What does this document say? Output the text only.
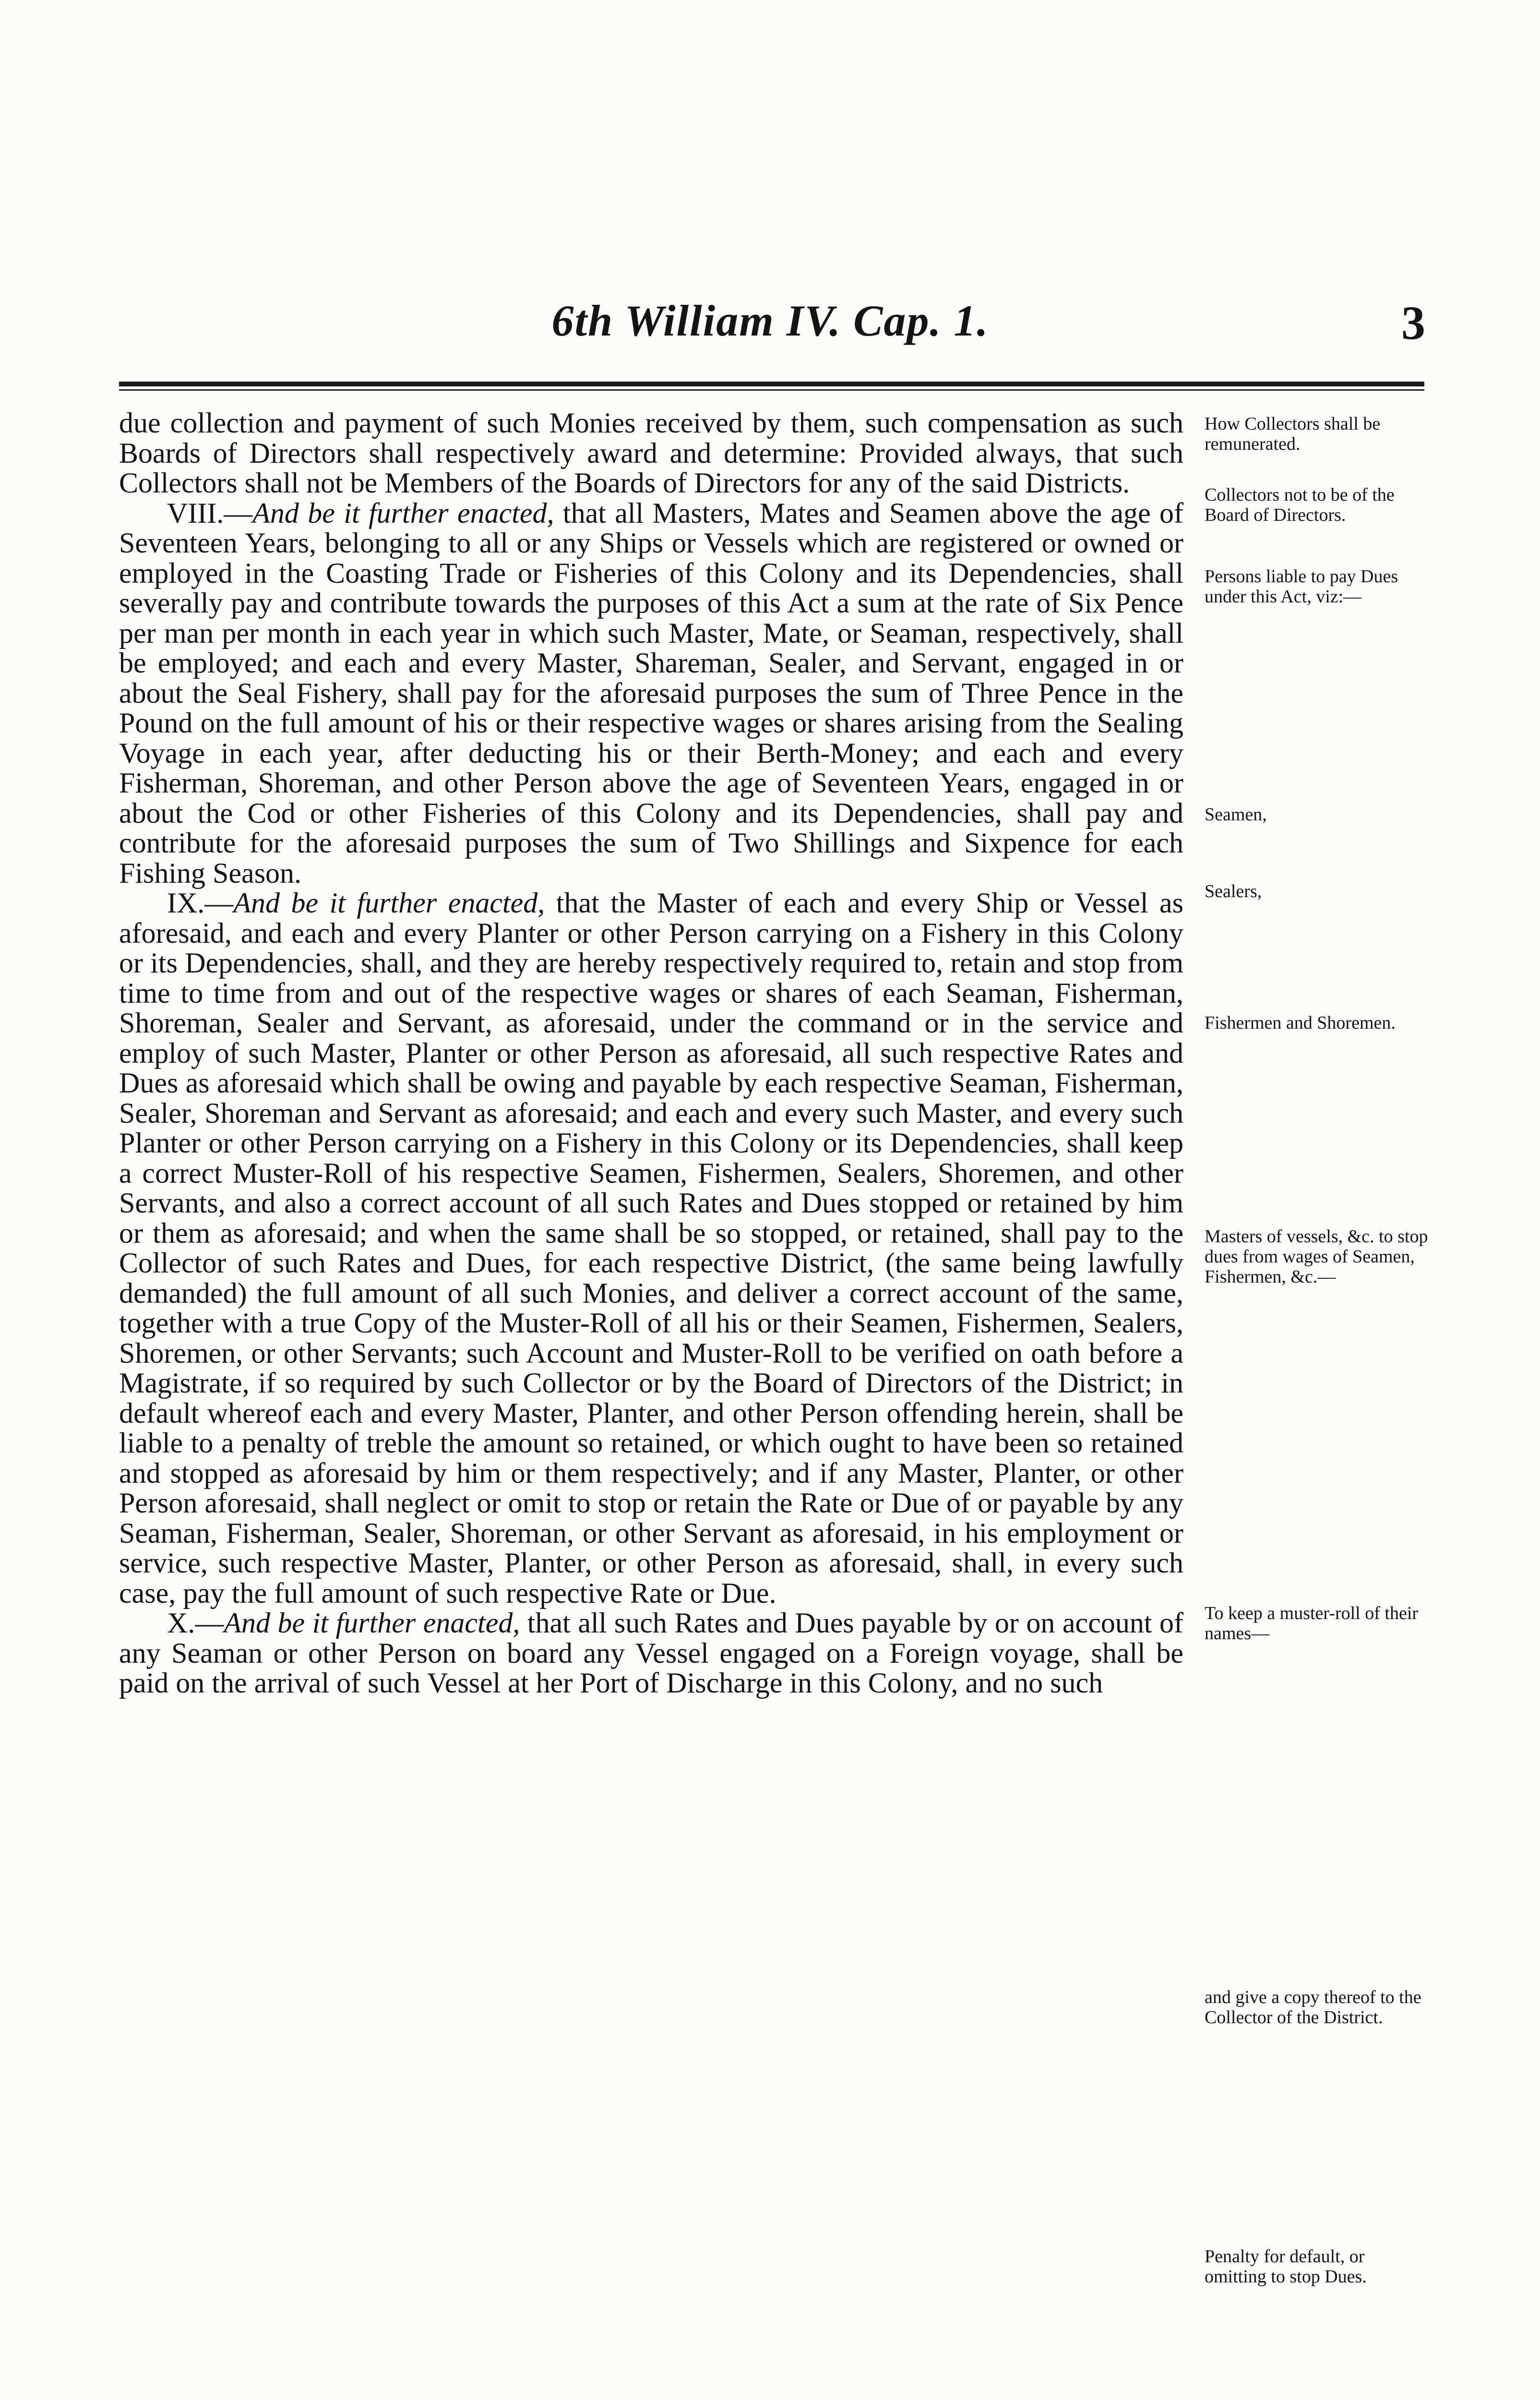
6th William IV. Cap. 1.	3

due collection and payment of such Monies received by them, such compensation as such Boards of Directors shall respectively award and determine: Provided always, that such Collectors shall not be Members of the Boards of Directors for any of the said Districts.

VIII.—And be it further enacted, that all Masters, Mates and Seamen above the age of Seventeen Years, belonging to all or any Ships or Vessels which are registered or owned or employed in the Coasting Trade or Fisheries of this Colony and its Dependencies, shall severally pay and contribute towards the purposes of this Act a sum at the rate of Six Pence per man per month in each year in which such Master, Mate, or Seaman, respectively, shall be employed; and each and every Master, Shareman, Sealer, and Servant, engaged in or about the Seal Fishery, shall pay for the aforesaid purposes the sum of Three Pence in the Pound on the full amount of his or their respective wages or shares arising from the Sealing Voyage in each year, after deducting his or their Berth-Money; and each and every Fisherman, Shoreman, and other Person above the age of Seventeen Years, engaged in or about the Cod or other Fisheries of this Colony and its Dependencies, shall pay and contribute for the aforesaid purposes the sum of Two Shillings and Sixpence for each Fishing Season.

IX.—And be it further enacted, that the Master of each and every Ship or Vessel as aforesaid, and each and every Planter or other Person carrying on a Fishery in this Colony or its Dependencies, shall, and they are hereby respectively required to, retain and stop from time to time from and out of the respective wages or shares of each Seaman, Fisherman, Shoreman, Sealer and Servant, as aforesaid, under the command or in the service and employ of such Master, Planter or other Person as aforesaid, all such respective Rates and Dues as aforesaid which shall be owing and payable by each respective Seaman, Fisherman, Sealer, Shoreman and Servant as aforesaid; and each and every such Master, and every such Planter or other Person carrying on a Fishery in this Colony or its Dependencies, shall keep a correct Muster-Roll of his respective Seamen, Fishermen, Sealers, Shoremen, and other Servants, and also a correct account of all such Rates and Dues stopped or retained by him or them as aforesaid; and when the same shall be so stopped, or retained, shall pay to the Collector of such Rates and Dues, for each respective District, (the same being lawfully demanded) the full amount of all such Monies, and deliver a correct account of the same, together with a true Copy of the Muster-Roll of all his or their Seamen, Fishermen, Sealers, Shoremen, or other Servants; such Account and Muster-Roll to be verified on oath before a Magistrate, if so required by such Collector or by the Board of Directors of the District; in default whereof each and every Master, Planter, and other Person offending herein, shall be liable to a penalty of treble the amount so retained, or which ought to have been so retained and stopped as aforesaid by him or them respectively; and if any Master, Planter, or other Person aforesaid, shall neglect or omit to stop or retain the Rate or Due of or payable by any Seaman, Fisherman, Sealer, Shoreman, or other Servant as aforesaid, in his employment or service, such respective Master, Planter, or other Person as aforesaid, shall, in every such case, pay the full amount of such respective Rate or Due.

X.—And be it further enacted, that all such Rates and Dues payable by or on account of any Seaman or other Person on board any Vessel engaged on a Foreign voyage, shall be paid on the arrival of such Vessel at her Port of Discharge in this Colony, and no such

How Collectors shall be remunerated.
Collectors not to be of the Board of Directors.
Persons liable to pay Dues under this Act, viz:—
Seamen,
Sealers,
Fishermen and Shoremen.
Masters of vessels, &c. to stop dues from wages of Seamen, Fishermen, &c.—
To keep a muster-roll of their names—
and give a copy thereof to the Collector of the District.
Penalty for default, or omitting to stop Dues.
